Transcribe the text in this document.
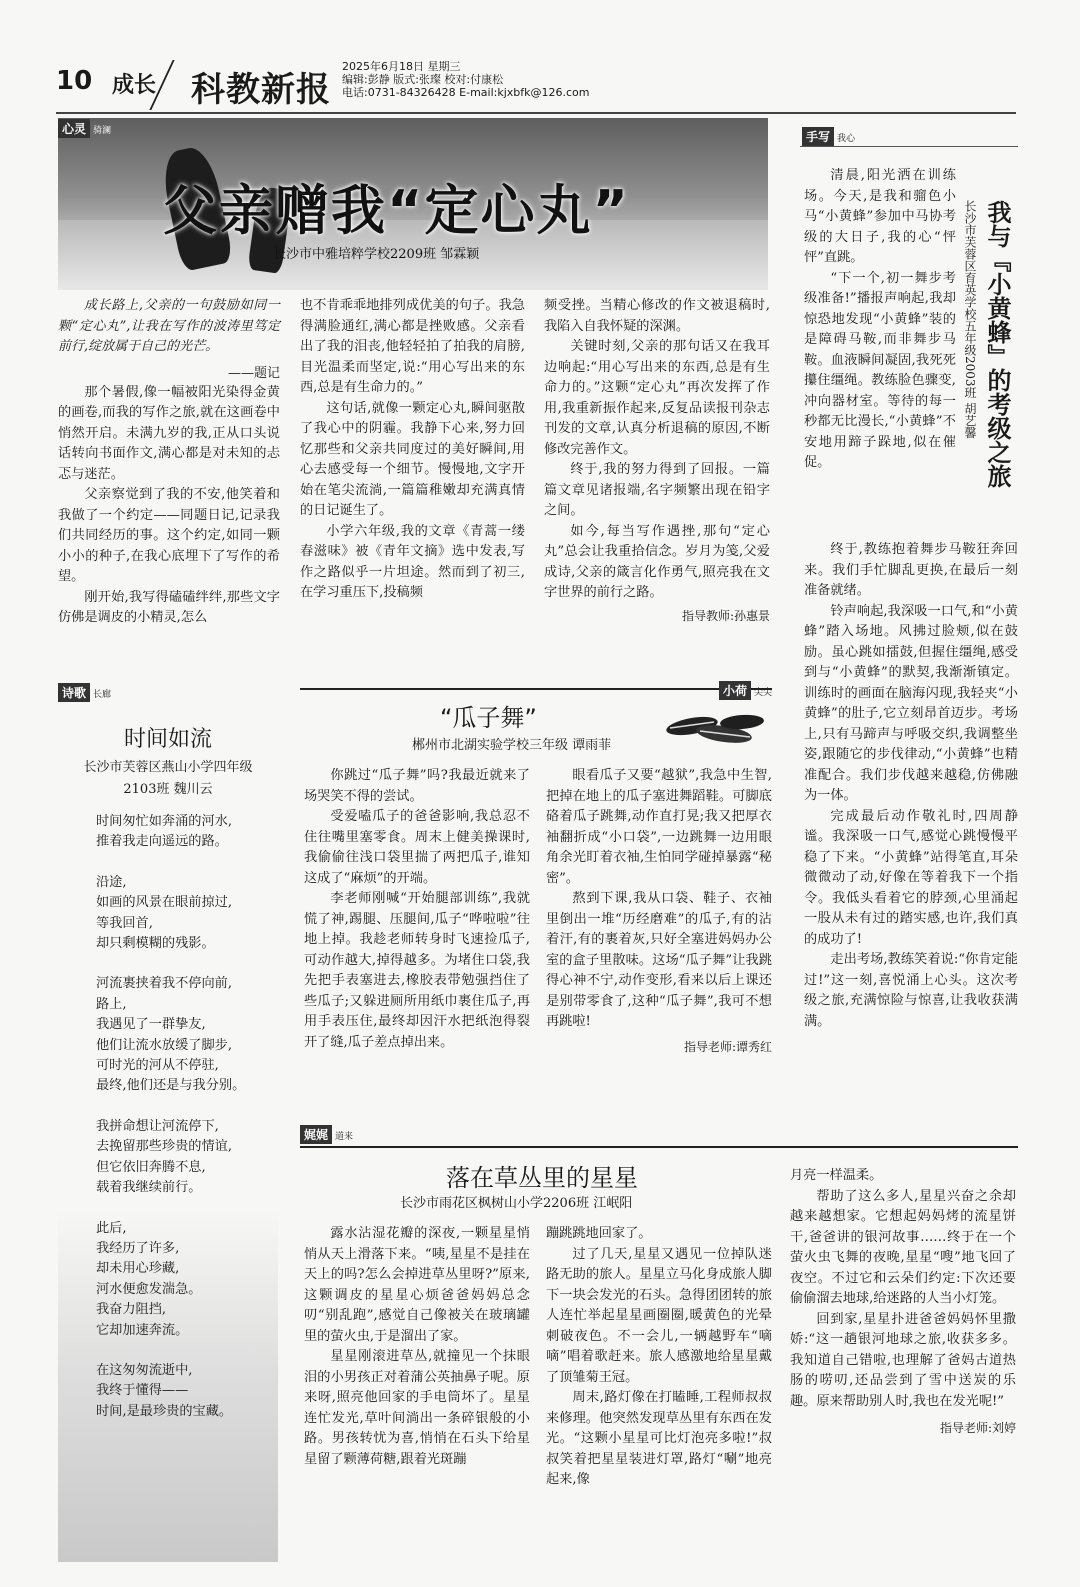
10 成长 科教新报
2025年6月18日 星期三
编辑:彭静 版式:张璨 校对:付康松
电话:0731-84326428 E-mail:kjxbfk@126.com
心灵 骑澜
父亲赠我“定心丸”
长沙市中雅培粹学校2209班 邹霖颖
成长路上,父亲的一句鼓励如同一颗“定心丸”,让我在写作的波涛里笃定前行,绽放属于自己的光芒。
——题记

那个暑假,像一幅被阳光染得金黄的画卷,而我的写作之旅,就在这画卷中悄然开启。未满九岁的我,正从口头说话转向书面作文,满心都是对未知的忐忑与迷茫。

父亲察觉到了我的不安,他笑着和我做了一个约定——同题日记,记录我们共同经历的事。这个约定,如同一颗小小的种子,在我心底埋下了写作的希望。

刚开始,我写得磕磕绊绊,那些文字仿佛是调皮的小精灵,怎么

也不肯乖乖地排列成优美的句子。我急得满脸通红,满心都是挫败感。父亲看出了我的泪丧,他轻轻拍了拍我的肩膀,目光温柔而坚定,说:“用心写出来的东西,总是有生命力的。”

这句话,就像一颗定心丸,瞬间驱散了我心中的阴霾。我静下心来,努力回忆那些和父亲共同度过的美好瞬间,用心去感受每一个细节。慢慢地,文字开始在笔尖流淌,一篇篇稚嫩却充满真情的日记诞生了。

小学六年级,我的文章《青蒿一缕春滋味》被《青年文摘》选中发表,写作之路似乎一片坦途。然而到了初三,在学习重压下,投稿频

频受挫。当精心修改的作文被退稿时,我陷入自我怀疑的深渊。

关键时刻,父亲的那句话又在我耳边响起:“用心写出来的东西,总是有生命力的。”这颗“定心丸”再次发挥了作用,我重新振作起来,反复品读报刊杂志刊发的文章,认真分析退稿的原因,不断修改完善作文。

终于,我的努力得到了回报。一篇篇文章见诸报端,名字频繁出现在铅字之间。

如今,每当写作遇挫,那句“定心丸”总会让我重拾信念。岁月为笺,父爱成诗,父亲的箴言化作勇气,照亮我在文字世界的前行之路。

指导教师:孙惠景
手写 我心
我与『小黄蜂』的考级之旅
长沙市芙蓉区育英学校五年级2003班 胡艺馨

清晨,阳光洒在训练场。今天,是我和骝色小马“小黄蜂”参加中马协考级的大日子,我的心“怦怦”直跳。

“下一个,初一舞步考级准备!”播报声响起,我却惊恐地发现“小黄蜂”装的是障碍马鞍,而非舞步马鞍。血液瞬间凝固,我死死攥住缰绳。教练脸色骤变,冲向器材室。等待的每一秒都无比漫长,“小黄蜂”不安地用蹄子跺地,似在催促。

终于,教练抱着舞步马鞍狂奔回来。我们手忙脚乱更换,在最后一刻准备就绪。

铃声响起,我深吸一口气,和“小黄蜂”踏入场地。风拂过脸颊,似在鼓励。虽心跳如擂鼓,但握住缰绳,感受到与“小黄蜂”的默契,我渐渐镇定。训练时的画面在脑海闪现,我轻夹“小黄蜂”的肚子,它立刻昂首迈步。考场上,只有马蹄声与呼吸交织,我调整坐姿,跟随它的步伐律动,“小黄蜂”也精准配合。我们步伐越来越稳,仿佛融为一体。

完成最后动作敬礼时,四周静谧。我深吸一口气,感觉心跳慢慢平稳了下来。“小黄蜂”站得笔直,耳朵微微动了动,好像在等着我下一个指令。我低头看着它的脖颈,心里涌起一股从未有过的踏实感,也许,我们真的成功了!

走出考场,教练笑着说:“你肯定能过!”这一刻,喜悦涌上心头。这次考级之旅,充满惊险与惊喜,让我收获满满。

诗歌 长廊
时间如流
长沙市芙蓉区燕山小学四年级
2103班 魏川云
时间匆忙如奔涌的河水,
推着我走向遥远的路。
沿途,
如画的风景在眼前掠过,
等我回首,
却只剩模糊的残影。
河流裹挟着我不停向前,
路上,
我遇见了一群挚友,
他们让流水放缓了脚步,
可时光的河从不停驻,
最终,他们还是与我分别。
我拼命想让河流停下,
去挽留那些珍贵的情谊,
但它依旧奔腾不息,
载着我继续前行。
此后,
我经历了许多,
却未用心珍藏,
河水便愈发湍急。
我奋力阻挡,
它却加速奔流。
在这匆匆流逝中,
我终于懂得——
时间,是最珍贵的宝藏。
小荷 尖尖
“瓜子舞”
郴州市北湖实验学校三年级 谭雨菲

你跳过“瓜子舞”吗?我最近就来了场哭笑不得的尝试。

受爱嗑瓜子的爸爸影响,我总忍不住往嘴里塞零食。周末上健美操课时,我偷偷往浅口袋里揣了两把瓜子,谁知这成了“麻烦”的开端。

李老师刚喊“开始腿部训练”,我就慌了神,踢腿、压腿间,瓜子“哗啦啦”往地上掉。我趁老师转身时飞速捡瓜子,可动作越大,掉得越多。为堵住口袋,我先把手表塞进去,橡胶表带勉强挡住了些瓜子;又躲进厕所用纸巾裹住瓜子,再用手表压住,最终却因汗水把纸泡得裂开了缝,瓜子差点掉出来。

眼看瓜子又要“越狱”,我急中生智,把掉在地上的瓜子塞进舞蹈鞋。可脚底硌着瓜子跳舞,动作直打晃;我又把厚衣袖翻折成“小口袋”,一边跳舞一边用眼角余光盯着衣袖,生怕同学碰掉暴露“秘密”。

熬到下课,我从口袋、鞋子、衣袖里倒出一堆“历经磨难”的瓜子,有的沾着汗,有的裹着灰,只好全塞进妈妈办公室的盒子里散味。这场“瓜子舞”让我跳得心神不宁,动作变形,看来以后上课还是别带零食了,这种“瓜子舞”,我可不想再跳啦!

指导老师:谭秀红
娓娓 道来
落在草丛里的星星
长沙市雨花区枫树山小学2206班 江岷阳

露水沾湿花瓣的深夜,一颗星星悄悄从天上滑落下来。“咦,星星不是挂在天上的吗?怎么会掉进草丛里呀?”原来,这颗调皮的星星心烦爸爸妈妈总念叨“别乱跑”,感觉自己像被关在玻璃罐里的萤火虫,于是溜出了家。

星星刚滚进草丛,就撞见一个抹眼泪的小男孩正对着蒲公英抽鼻子呢。原来呀,照亮他回家的手电筒坏了。星星连忙发光,草叶间淌出一条碎银般的小路。男孩转忧为喜,悄悄在石头下给星星留了颗薄荷糖,跟着光斑蹦

蹦跳跳地回家了。

过了几天,星星又遇见一位掉队迷路无助的旅人。星星立马化身成旅人脚下一块会发光的石头。急得团团转的旅人连忙举起星星画圈圈,暖黄色的光晕刺破夜色。不一会儿,一辆越野车“嘀嘀”唱着歌赶来。旅人感激地给星星戴了顶雏菊王冠。

周末,路灯像在打瞌睡,工程师叔叔来修理。他突然发现草丛里有东西在发光。“这颗小星星可比灯泡亮多啦!”叔叔笑着把星星装进灯罩,路灯“唰”地亮起来,像

月亮一样温柔。

帮助了这么多人,星星兴奋之余却越来越想家。它想起妈妈烤的流星饼干,爸爸讲的银河故事……终于在一个萤火虫飞舞的夜晚,星星“嗖”地飞回了夜空。不过它和云朵们约定:下次还要偷偷溜去地球,给迷路的人当小灯笼。

回到家,星星扑进爸爸妈妈怀里撒娇:“这一趟银河地球之旅,收获多多。我知道自己错啦,也理解了爸妈古道热肠的唠叨,还品尝到了雪中送炭的乐趣。原来帮助别人时,我也在发光呢!”

指导老师:刘婷
